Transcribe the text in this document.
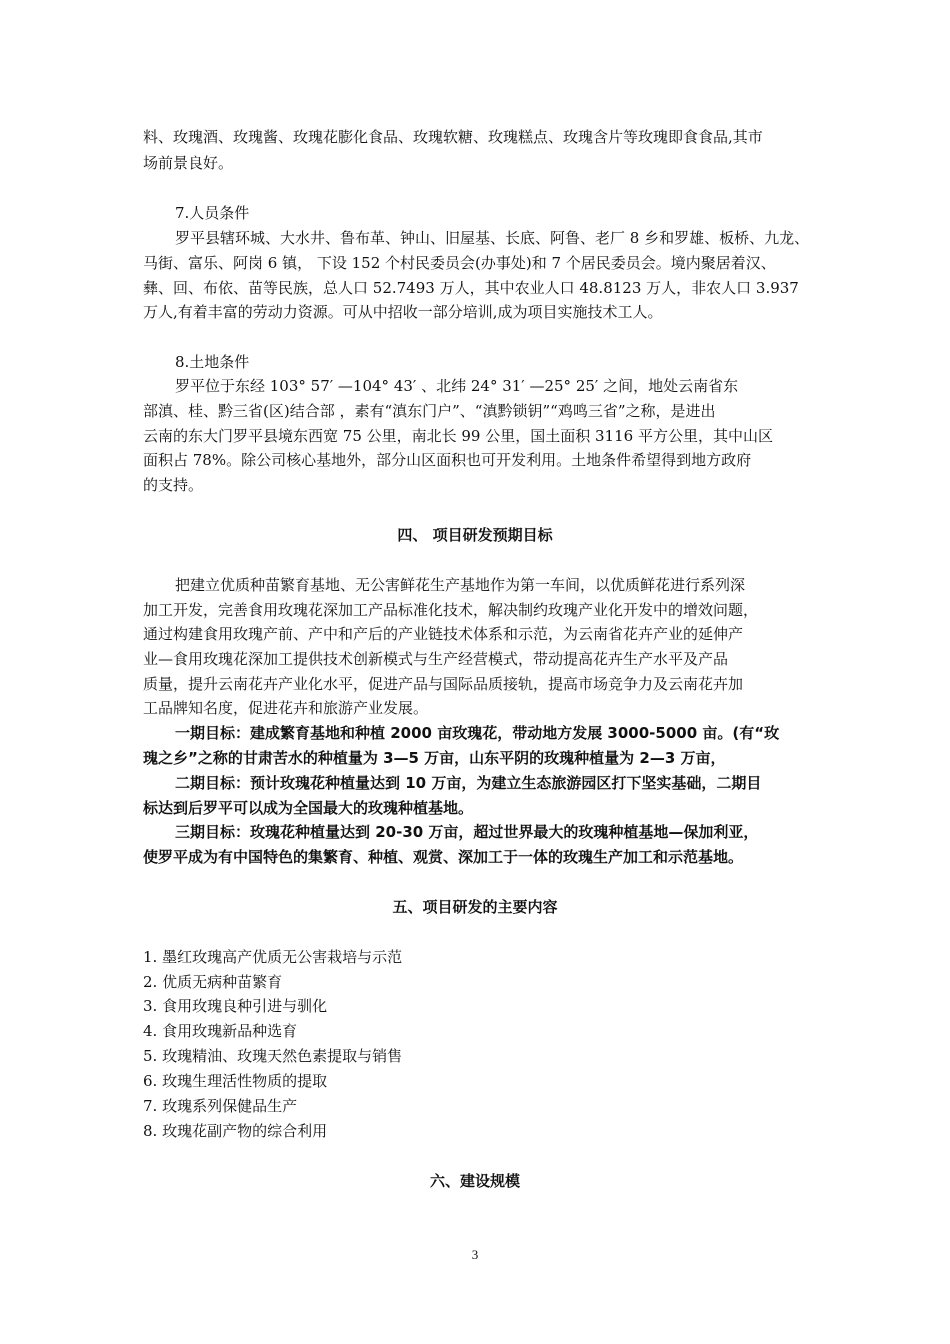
料、玫瑰酒、玫瑰酱、玫瑰花膨化食品、玫瑰软糖、玫瑰糕点、玫瑰含片等玫瑰即食食品,其市
场前景良好。
7.人员条件
罗平县辖环城、大水井、鲁布革、钟山、旧屋基、长底、阿鲁、老厂 8 乡和罗雄、板桥、九龙、
马街、富乐、阿岗 6 镇， 下设 152 个村民委员会(办事处)和 7 个居民委员会。境内聚居着汉、
彝、回、布依、苗等民族，总人口 52.7493 万人，其中农业人口 48.8123 万人，非农人口 3.937
万人,有着丰富的劳动力资源。可从中招收一部分培训,成为项目实施技术工人。
8.土地条件
罗平位于东经 103° 57′ —104° 43′ 、北纬 24° 31′ —25° 25′ 之间，地处云南省东
部滇、桂、黔三省(区)结合部 ，素有“滇东门户”、“滇黔锁钥”“鸡鸣三省”之称，是进出
云南的东大门罗平县境东西宽 75 公里，南北长 99 公里，国土面积 3116 平方公里，其中山区
面积占 78%。除公司核心基地外，部分山区面积也可开发利用。土地条件希望得到地方政府
的支持。
四、 项目研发预期目标
把建立优质种苗繁育基地、无公害鲜花生产基地作为第一车间，以优质鲜花进行系列深
加工开发，完善食用玫瑰花深加工产品标准化技术，解决制约玫瑰产业化开发中的增效问题，
通过构建食用玫瑰产前、产中和产后的产业链技术体系和示范，为云南省花卉产业的延伸产
业—食用玫瑰花深加工提供技术创新模式与生产经营模式，带动提高花卉生产水平及产品
质量，提升云南花卉产业化水平，促进产品与国际品质接轨，提高市场竞争力及云南花卉加
工品牌知名度，促进花卉和旅游产业发展。
一期目标：建成繁育基地和种植 2000 亩玫瑰花，带动地方发展 3000-5000 亩。(有“玫
瑰之乡”之称的甘肃苦水的种植量为 3—5 万亩，山东平阴的玫瑰种植量为 2—3 万亩，
二期目标：预计玫瑰花种植量达到 10 万亩，为建立生态旅游园区打下坚实基础，二期目
标达到后罗平可以成为全国最大的玫瑰种植基地。
三期目标：玫瑰花种植量达到 20-30 万亩，超过世界最大的玫瑰种植基地—保加利亚，
使罗平成为有中国特色的集繁育、种植、观赏、深加工于一体的玫瑰生产加工和示范基地。
五、项目研发的主要内容
1. 墨红玫瑰高产优质无公害栽培与示范
2. 优质无病种苗繁育
3. 食用玫瑰良种引进与驯化
4. 食用玫瑰新品种选育
5. 玫瑰精油、玫瑰天然色素提取与销售
6. 玫瑰生理活性物质的提取
7. 玫瑰系列保健品生产
8. 玫瑰花副产物的综合利用
六、建设规模
3
